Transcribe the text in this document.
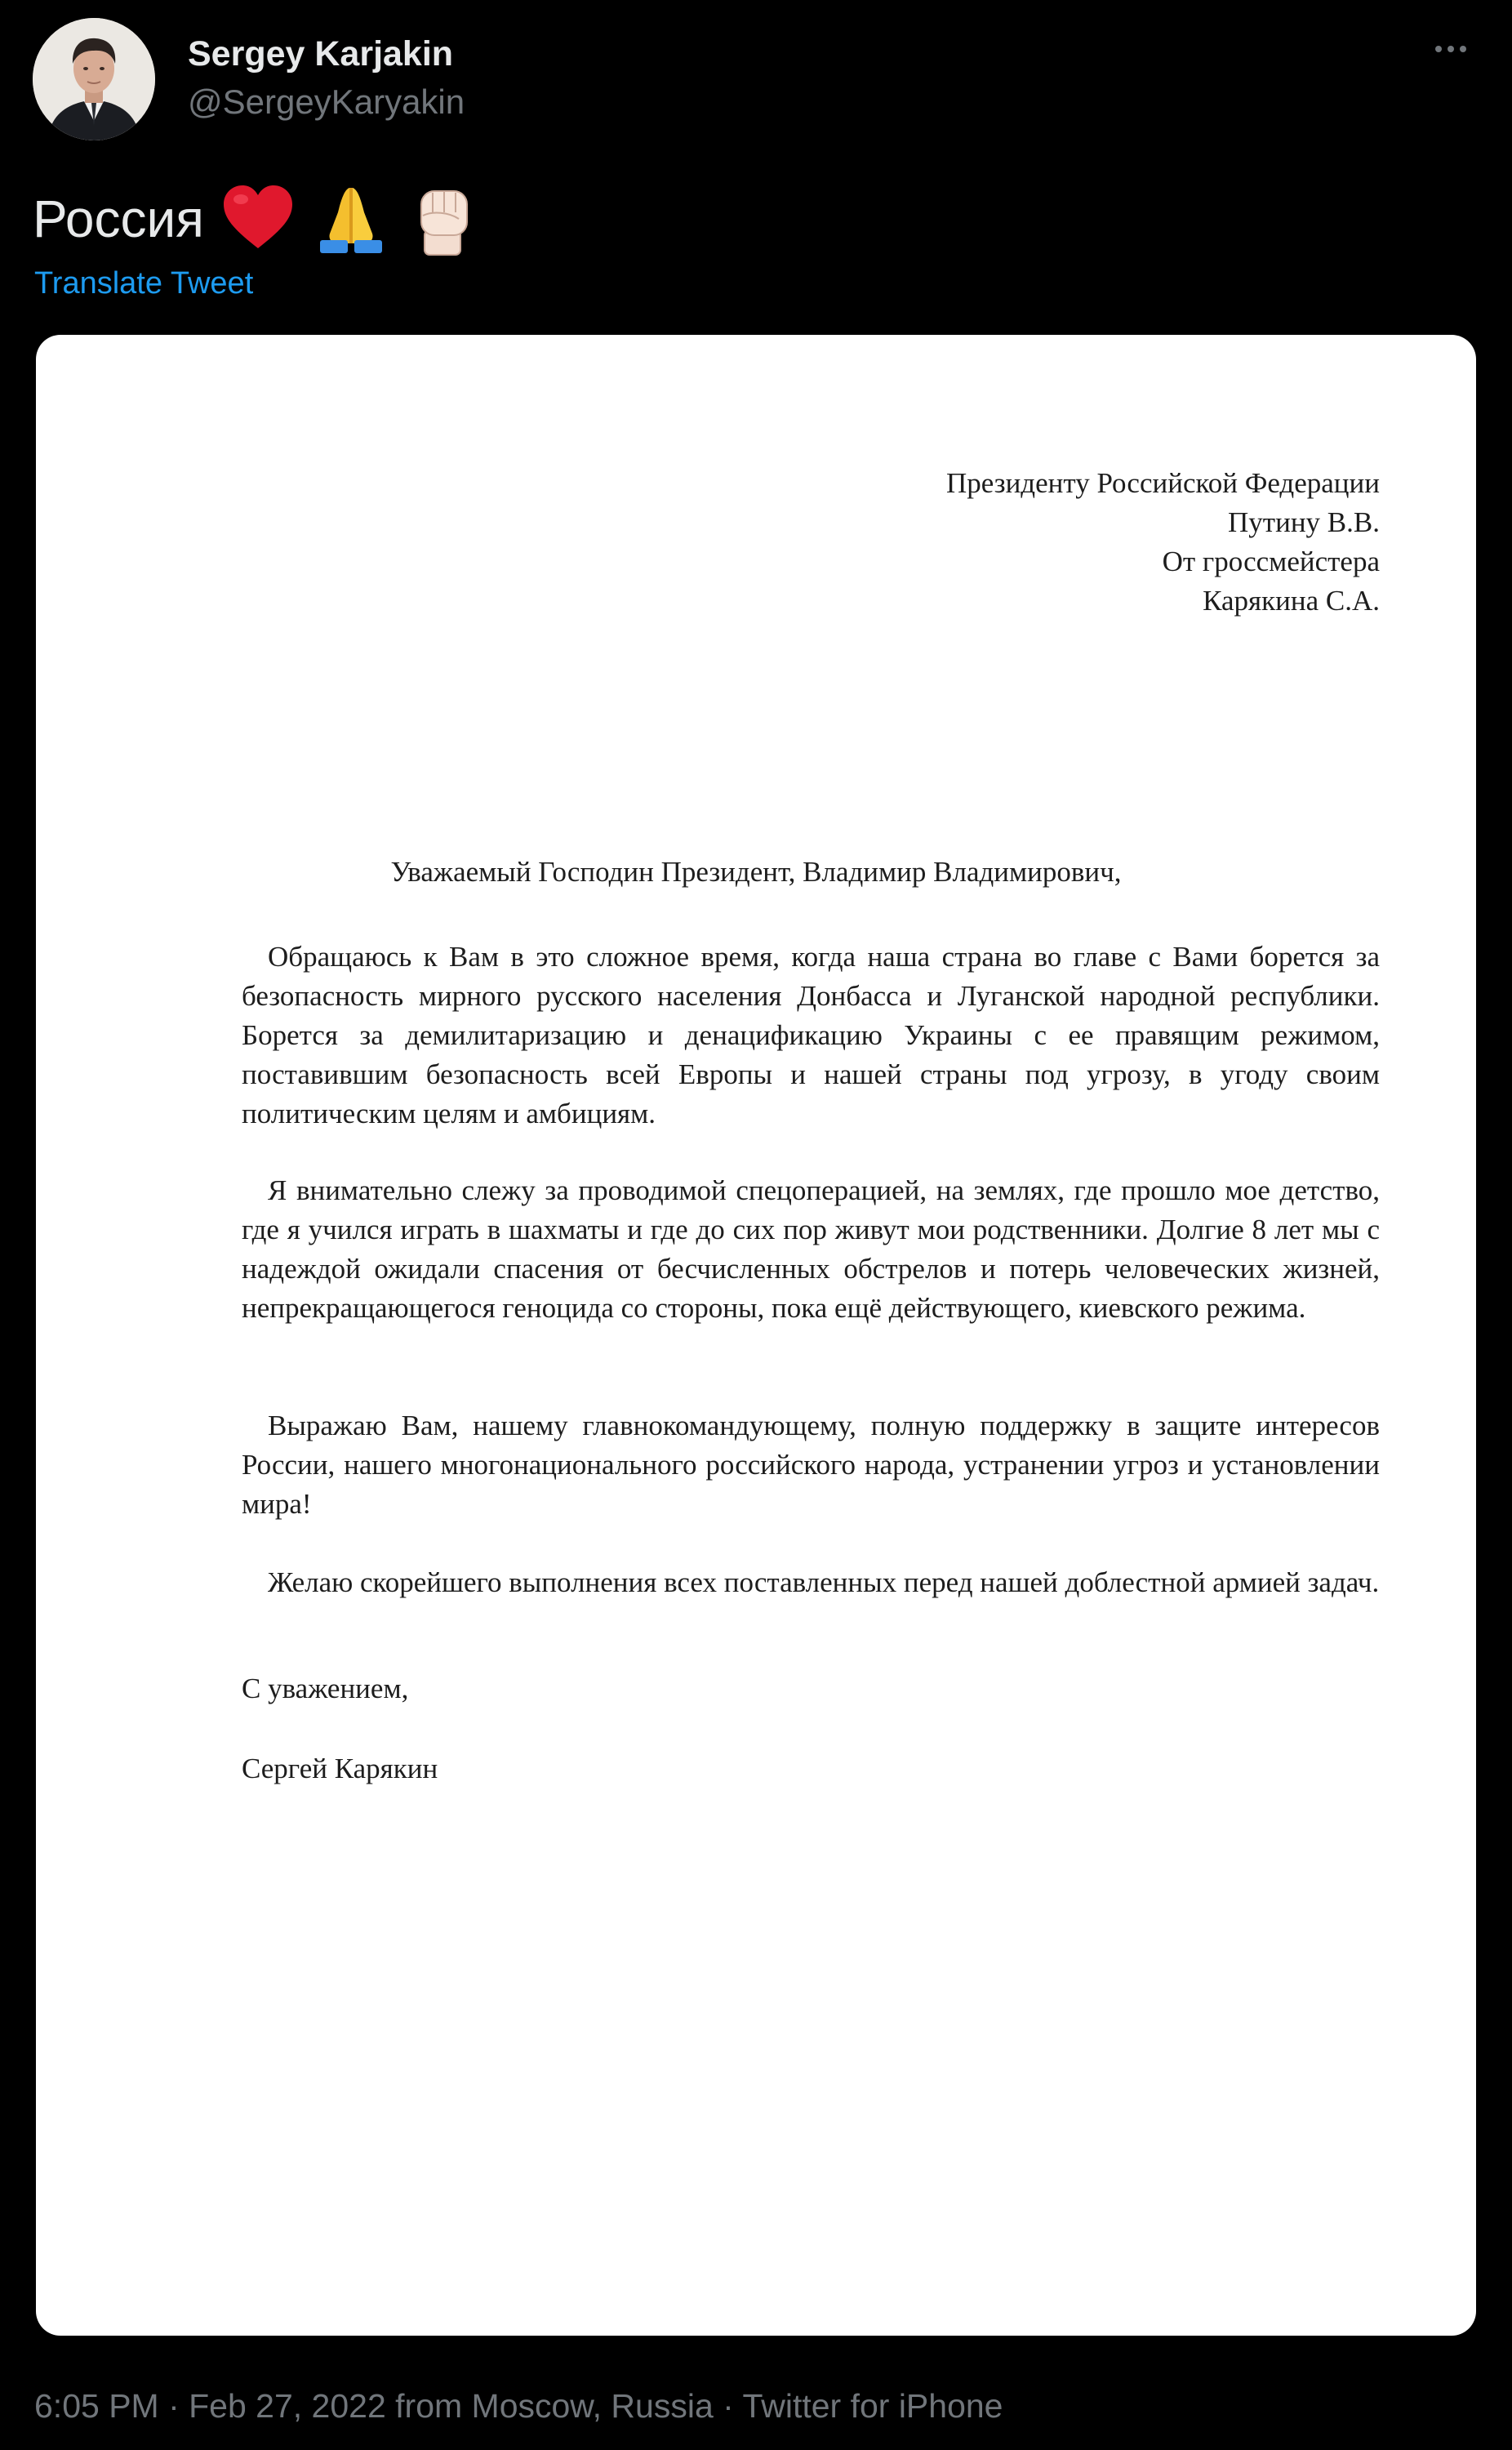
Sergey Karjakin
@SergeyKaryakin
Россия
Translate Tweet
Президенту Российской Федерации
Путину В.В.
От гроссмейстера
Карякина С.А.
Уважаемый Господин Президент, Владимир Владимирович,

Обращаюсь к Вам в это сложное время, когда наша страна во главе с Вами борется за безопасность мирного русского населения Донбасса и Луганской народной республики. Борется за демилитаризацию и денацификацию Украины с ее правящим режимом, поставившим безопасность всей Европы и нашей страны под угрозу, в угоду своим политическим целям и амбициям.

Я внимательно слежу за проводимой спецоперацией, на землях, где прошло мое детство, где я учился играть в шахматы и где до сих пор живут мои родственники. Долгие 8 лет мы с надеждой ожидали спасения от бесчисленных обстрелов и потерь человеческих жизней, непрекращающегося геноцида со стороны, пока ещё действующего, киевского режима.

Выражаю Вам, нашему главнокомандующему, полную поддержку в защите интересов России, нашего многонационального российского народа, устранении угроз и установлении мира!

Желаю скорейшего выполнения всех поставленных перед нашей доблестной армией задач.

С уважением,
Сергей Карякин
6:05 PM · Feb 27, 2022 from Moscow, Russia · Twitter for iPhone
